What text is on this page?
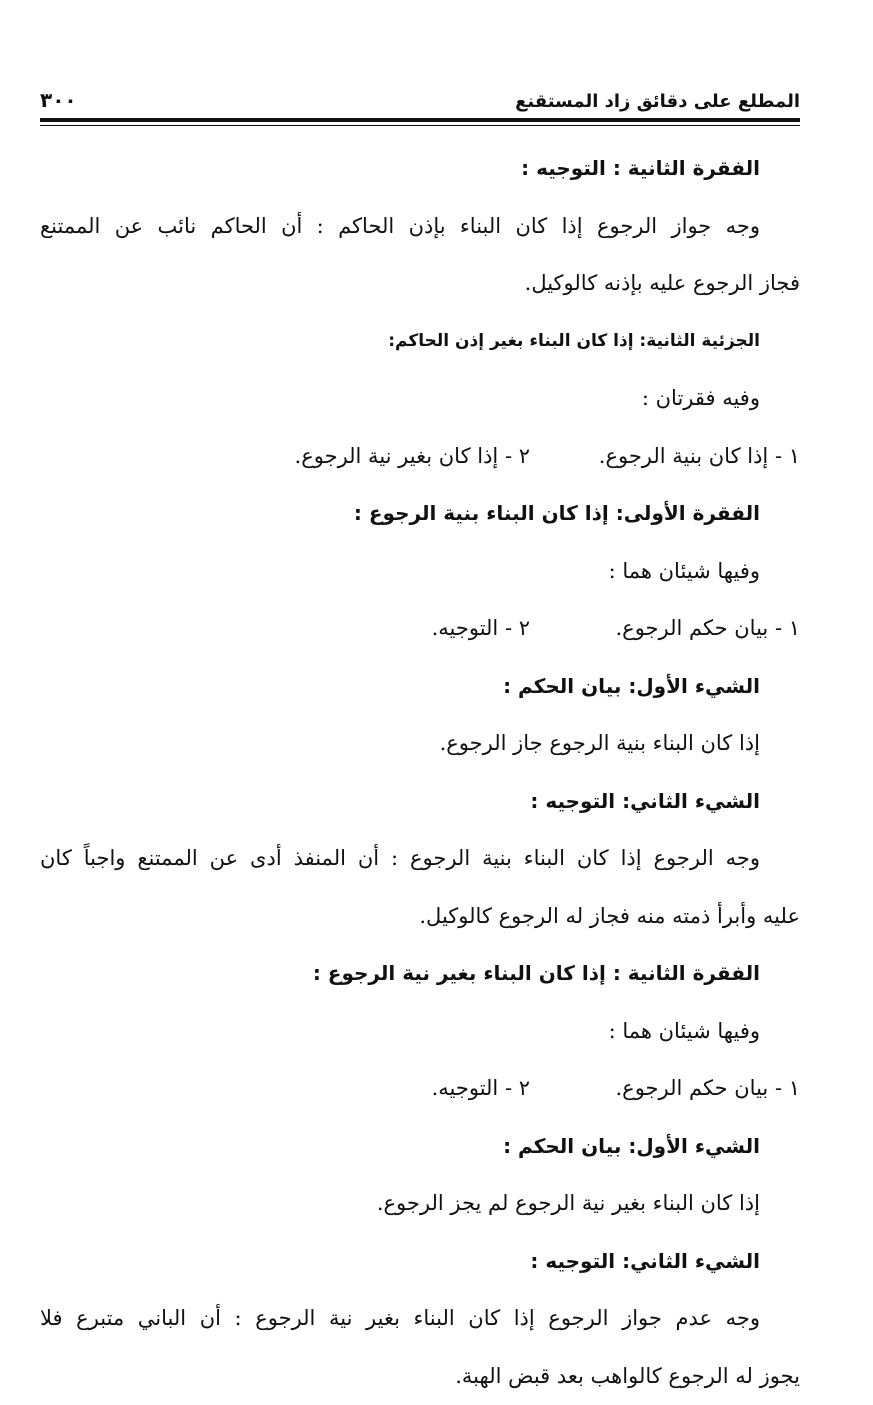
المطلع على دقائق زاد المستقنع
٣٠٠
الفقرة الثانية : التوجيه :
وجه جواز الرجوع إذا كان البناء بإذن الحاكم : أن الحاكم نائب عن الممتنع
فجاز الرجوع عليه بإذنه كالوكيل.
الجزئية الثانية: إذا كان البناء بغير إذن الحاكم:
وفيه فقرتان :
١ - إذا كان بنية الرجوع.
٢ - إذا كان بغير نية الرجوع.
الفقرة الأولى: إذا كان البناء بنية الرجوع :
وفيها شيئان هما :
١ - بيان حكم الرجوع.
٢ - التوجيه.
الشيء الأول: بيان الحكم :
إذا كان البناء بنية الرجوع جاز الرجوع.
الشيء الثاني: التوجيه :
وجه الرجوع إذا كان البناء بنية الرجوع : أن المنفذ أدى عن الممتنع واجباً كان
عليه وأبرأ ذمته منه فجاز له الرجوع كالوكيل.
الفقرة الثانية : إذا كان البناء بغير نية الرجوع :
وفيها شيئان هما :
١ - بيان حكم الرجوع.
٢ - التوجيه.
الشيء الأول: بيان الحكم :
إذا كان البناء بغير نية الرجوع لم يجز الرجوع.
الشيء الثاني: التوجيه :
وجه عدم جواز الرجوع إذا كان البناء بغير نية الرجوع : أن الباني متبرع فلا
يجوز له الرجوع كالواهب بعد قبض الهبة.
